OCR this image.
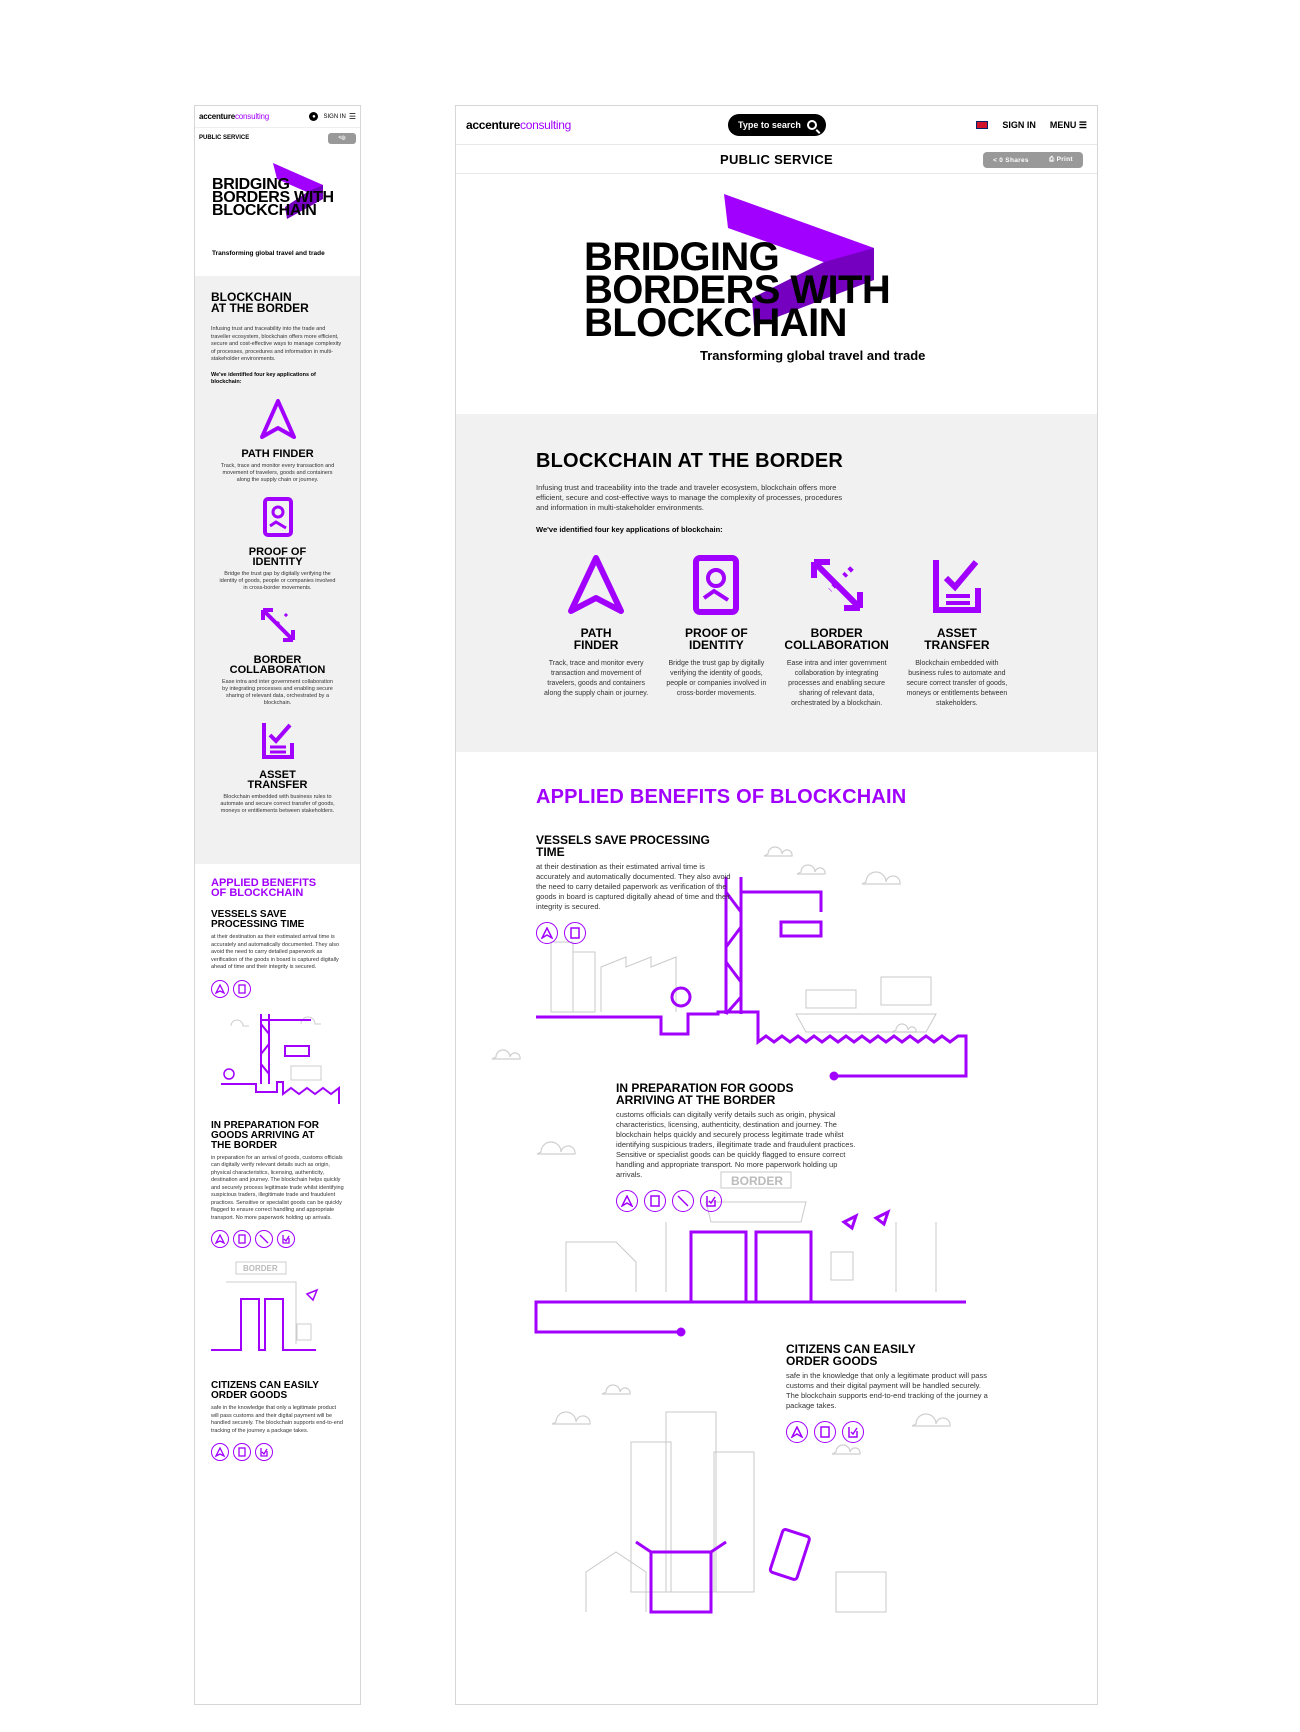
accentureconsulting	●	SIGN IN ☰
PUBLIC SERVICE	<◎
BRIDGING
BORDERS WITH
BLOCKCHAIN
Transforming global travel and trade
BLOCKCHAIN
AT THE BORDER

Infusing trust and traceability into the trade and traveller ecosystem, blockchain offers more efficient, secure and cost-effective ways to manage complexity of processes, procedures and information in multi-stakeholder environments.

We've identified four key applications of blockchain:

PATH FINDER
Track, trace and monitor every transaction and movement of travelers, goods and containers along the supply chain or journey.
PROOF OF
IDENTITY
Bridge the trust gap by digitally verifying the identity of goods, people or companies involved in cross-border movements.
BORDER
COLLABORATION
Ease intra and inter government collaboration by integrating processes and enabling secure sharing of relevant data, orchestrated by a blockchain.
ASSET
TRANSFER
Blockchain embedded with business rules to automate and secure correct transfer of goods, moneys or entitlements between stakeholders.
APPLIED BENEFITS
OF BLOCKCHAIN
VESSELS SAVE
PROCESSING TIME

at their destination as their estimated arrival time is accurately and automatically documented. They also avoid the need to carry detailed paperwork as verification of the goods in board is captured digitally ahead of time and their integrity is secured.

IN PREPARATION FOR
GOODS ARRIVING AT
THE BORDER

in preparation for an arrival of goods, customs officials can digitally verify relevant details such as origin, physical characteristics, licensing, authenticity, destination and journey. The blockchain helps quickly and securely process legitimate trade whilst identifying suspicious traders, illegitimate trade and fraudulent practices. Sensitive or specialist goods can be quickly flagged to ensure correct handling and appropriate transport. No more paperwork holding up arrivals.

BORDER
CITIZENS CAN EASILY
ORDER GOODS

safe in the knowledge that only a legitimate product will pass customs and their digital payment will be handled securely. The blockchain supports end-to-end tracking of the journey a package takes.

accentureconsulting	Type to search	SIGN IN MENU ☰
PUBLIC SERVICE	< 0 Shares	⎙ Print
BRIDGING
BORDERS WITH
BLOCKCHAIN
Transforming global travel and trade
BLOCKCHAIN AT THE BORDER

Infusing trust and traceability into the trade and traveler ecosystem, blockchain offers more efficient, secure and cost-effective ways to manage the complexity of processes, procedures and information in multi-stakeholder environments.

We've identified four key applications of blockchain:

PATH
FINDER
Track, trace and monitor every transaction and movement of travelers, goods and containers along the supply chain or journey.
PROOF OF
IDENTITY
Bridge the trust gap by digitally verifying the identity of goods, people or companies involved in cross-border movements.
BORDER
COLLABORATION
Ease intra and inter government collaboration by integrating processes and enabling secure sharing of relevant data, orchestrated by a blockchain.
ASSET
TRANSFER
Blockchain embedded with business rules to automate and secure correct transfer of goods, moneys or entitlements between stakeholders.
APPLIED BENEFITS OF BLOCKCHAIN
BORDER
VESSELS SAVE PROCESSING TIME

at their destination as their estimated arrival time is accurately and automatically documented. They also avoid the need to carry detailed paperwork as verification of the goods in board is captured digitally ahead of time and their integrity is secured.

IN PREPARATION FOR GOODS
ARRIVING AT THE BORDER

customs officials can digitally verify details such as origin, physical characteristics, licensing, authenticity, destination and journey. The blockchain helps quickly and securely process legitimate trade whilst identifying suspicious traders, illegitimate trade and fraudulent practices. Sensitive or specialist goods can be quickly flagged to ensure correct handling and appropriate transport. No more paperwork holding up arrivals.

CITIZENS CAN EASILY
ORDER GOODS

safe in the knowledge that only a legitimate product will pass customs and their digital payment will be handled securely. The blockchain supports end-to-end tracking of the journey a package takes.
